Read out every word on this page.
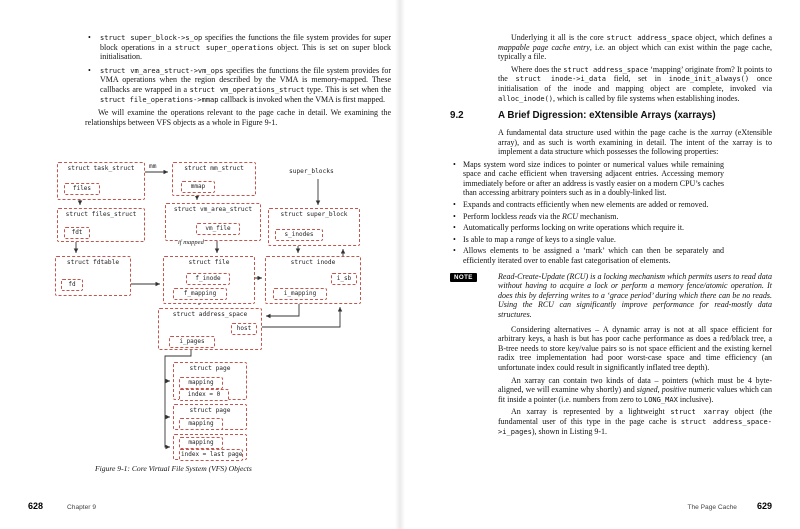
• struct super_block->s_op specifies the functions the file system provides for super block operations in a struct super_operations object. This is set on super block initialisation.
• struct vm_area_struct->vm_ops specifies the functions the file system provides for VMA operations when the region described by the VMA is memory-mapped. These callbacks are wrapped in a struct vm_operations_struct type. This is set when the struct file_operations->mmap callback is invoked when the VMA is first mapped.

We will examine the operations relevant to the page cache in detail. We examining the relationships between VFS objects as a whole in Figure 9-1.

struct task_struct
files
mm	struct mm_struct
mmap
super_blocks
struct files_struct
fdt
struct vm_area_struct
vm_file
struct super_block
s_inodes
if mapped
struct fdtable
fd
struct file
f_inode
f_mapping
struct inode
i_sb
i_mapping
struct address_space
host
i_pages
struct page
mapping
index = 0
struct page
mapping
mapping
index = last page
Figure 9-1: Core Virtual File System (VFS) Objects

Underlying it all is the core struct address_space object, which defines a mappable page cache entry, i.e. an object which can exist within the page cache, typically a file.

Where does the struct address_space ‘mapping’ originate from? It points to the struct inode->i_data field, set in inode_init_always() once initialisation of the inode and mapping object are complete, invoked via alloc_inode(), which is called by file systems when establishing inodes.

9.2	A Brief Digression: eXtensible Arrays (xarrays)

A fundamental data structure used within the page cache is the xarray (eXtensible array), and as such is worth examining in detail. The intent of the xarray is to implement a data structure which possesses the following properties:

• Maps system word size indices to pointer or numerical values while remaining space and cache efficient when traversing adjacent entries. Accessing memory immediately before or after an address is vastly easier on a modern CPU’s caches than accessing arbitrary pointers such as in a doubly-linked list.
• Expands and contracts efficiently when new elements are added or removed.
• Perform lockless reads via the RCU mechanism.
• Automatically performs locking on write operations which require it.
• Is able to map a range of keys to a single value.
• Allows elements to be assigned a ‘mark’ which can then be separately and efficiently iterated over to enable fast categorisation of elements.
NOTE	Read-Create-Update (RCU) is a locking mechanism which permits users to read data without having to acquire a lock or perform a memory fence/atomic operation. It does this by deferring writes to a ‘grace period’ during which there can be no reads. Using the RCU can significantly improve performance for read-mostly data structures.

Considering alternatives – A dynamic array is not at all space efficient for arbitrary keys, a hash is but has poor cache performance as does a red/black tree, a B-tree needs to store key/value pairs so is not space efficient and the existing kernel radix tree implementation had poor worst-case space and time efficiency (an unfortunate index could result in significantly inflated tree depth).

An xarray can contain two kinds of data – pointers (which must be 4 byte-aligned, we will examine why shortly) and signed, positive numeric values which can fit inside a pointer (i.e. numbers from zero to LONG_MAX inclusive).

An xarray is represented by a lightweight struct xarray object (the fundamental user of this type in the page cache is struct address_space->i_pages), shown in Listing 9-1.

628	Chapter 9	The Page Cache 629
